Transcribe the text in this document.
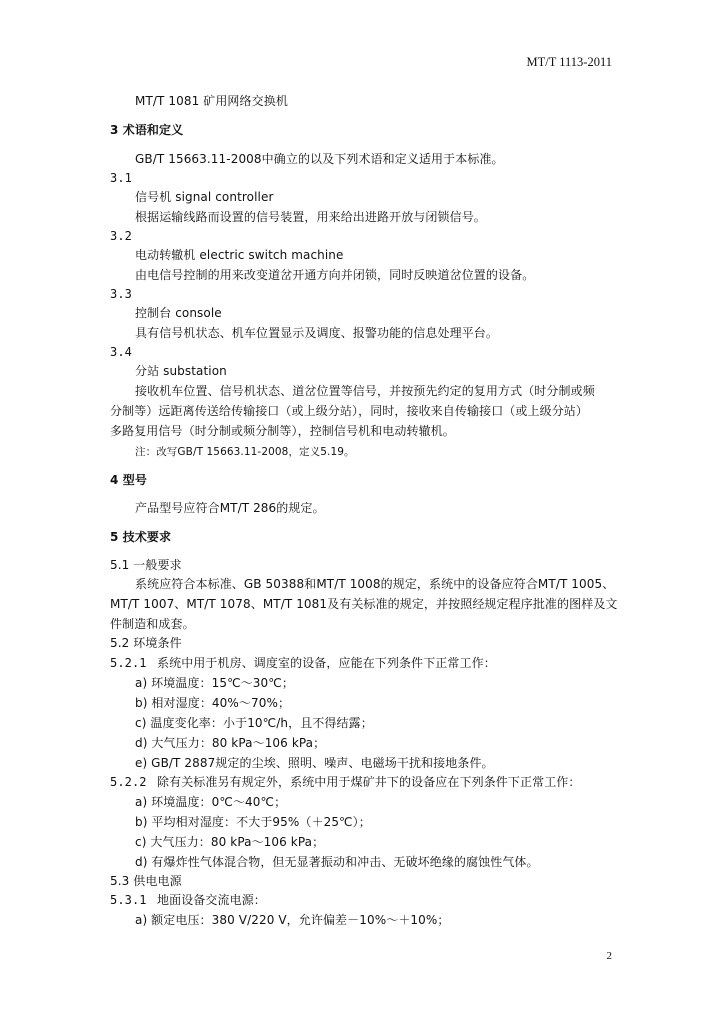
MT/T 1113-2011
MT/T 1081 矿用网络交换机
3 术语和定义
GB/T 15663.11-2008中确立的以及下列术语和定义适用于本标准。
3.1
信号机 signal controller
根据运输线路而设置的信号装置，用来给出进路开放与闭锁信号。
3.2
电动转辙机 electric switch machine
由电信号控制的用来改变道岔开通方向并闭锁，同时反映道岔位置的设备。
3.3
控制台 console
具有信号机状态、机车位置显示及调度、报警功能的信息处理平台。
3.4
分站 substation
接收机车位置、信号机状态、道岔位置等信号，并按预先约定的复用方式（时分制或频
分制等）远距离传送给传输接口（或上级分站），同时，接收来自传输接口（或上级分站）
多路复用信号（时分制或频分制等），控制信号机和电动转辙机。
注：改写GB/T 15663.11-2008，定义5.19。
4 型号
产品型号应符合MT/T 286的规定。
5 技术要求
5.1 一般要求
系统应符合本标准、GB 50388和MT/T 1008的规定，系统中的设备应符合MT/T 1005、
MT/T 1007、MT/T 1078、MT/T 1081及有关标准的规定，并按照经规定程序批准的图样及文
件制造和成套。
5.2 环境条件
5.2.1 系统中用于机房、调度室的设备，应能在下列条件下正常工作：
a) 环境温度：15℃～30℃；
b) 相对湿度：40%～70%；
c) 温度变化率：小于10℃/h，且不得结露；
d) 大气压力：80 kPa～106 kPa；
e) GB/T 2887规定的尘埃、照明、噪声、电磁场干扰和接地条件。
5.2.2 除有关标准另有规定外，系统中用于煤矿井下的设备应在下列条件下正常工作：
a) 环境温度：0℃～40℃；
b) 平均相对湿度：不大于95%（＋25℃）；
c) 大气压力：80 kPa～106 kPa；
d) 有爆炸性气体混合物，但无显著振动和冲击、无破坏绝缘的腐蚀性气体。
5.3 供电电源
5.3.1 地面设备交流电源：
a) 额定电压：380 V/220 V，允许偏差－10%～＋10%；
2
